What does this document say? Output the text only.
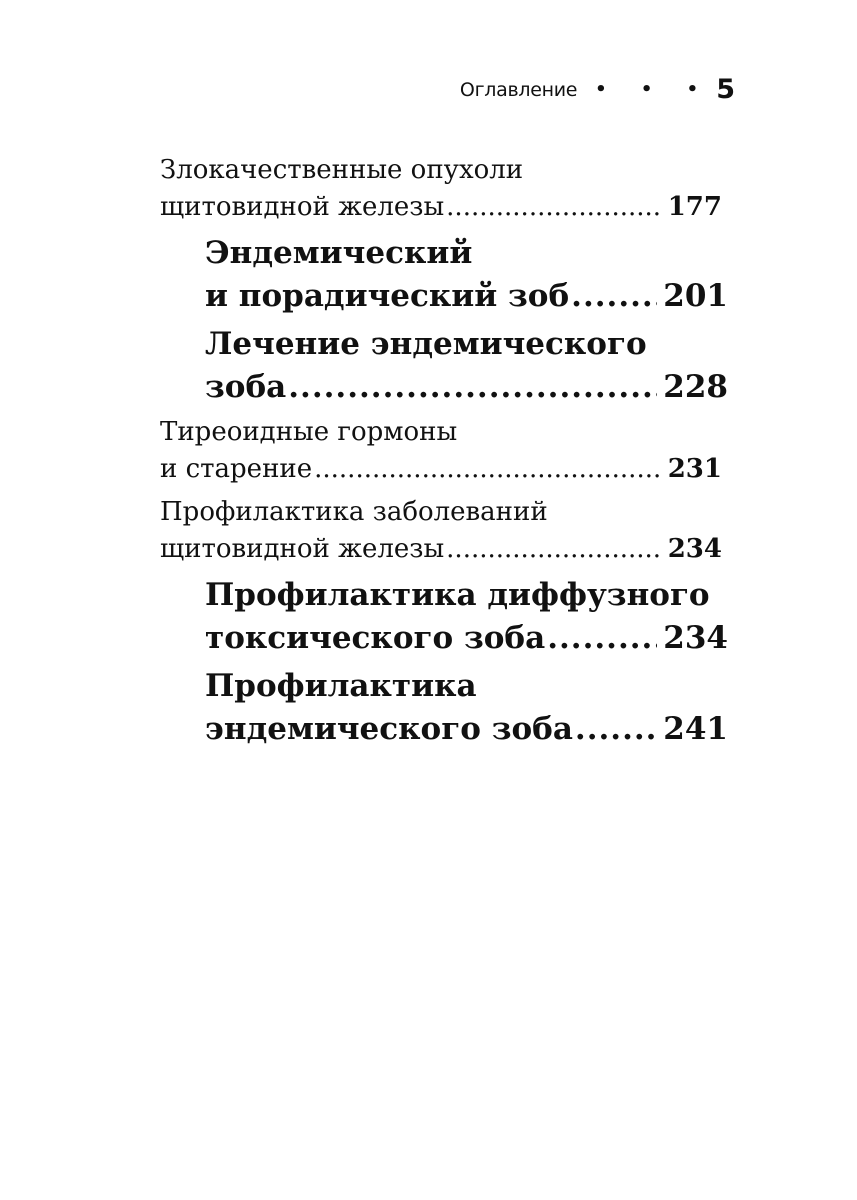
Оглавление • • • 5
Злокачественные опухоли
щитовидной железы .....	177
Эндемический
и порадический зоб .....	201
Лечение эндемического
зоба .....	228
Тиреоидные гормоны
и старение .....	231
Профилактика заболеваний
щитовидной железы .....	234
Профилактика диффузного
токсического зоба .....	234
Профилактика
эндемического зоба .....	241
